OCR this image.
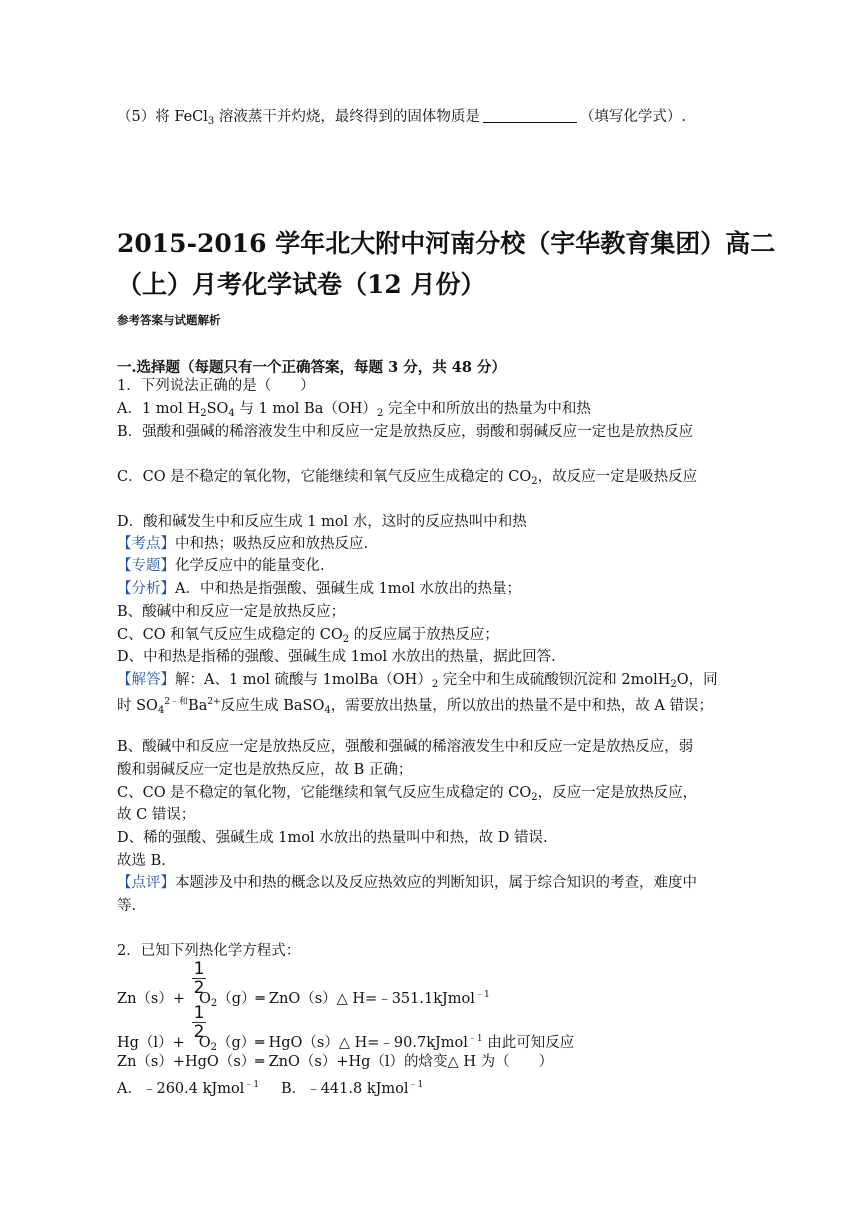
（5）将 FeCl$_3$ 溶液蒸干并灼烧，最终得到的固体物质是	（填写化学式）.
2015-2016 学年北大附中河南分校（宇华教育集团）高二
（上）月考化学试卷（12 月份）
参考答案与试题解析
一.选择题（每题只有一个正确答案，每题 3 分，共 48 分）
1．下列说法正确的是（　　）
A．1 mol $H_2SO_4$ 与 1 mol $Ba(OH)_2$ 完全中和所放出的热量为中和热
B．强酸和强碱的稀溶液发生中和反应一定是放热反应，弱酸和弱碱反应一定也是放热反应
C．CO 是不稳定的氧化物，它能继续和氧气反应生成稳定的 $CO_2$，故反应一定是吸热反应
D．酸和碱发生中和反应生成 1 mol 水，这时的反应热叫中和热
【考点】中和热；吸热反应和放热反应.
【专题】化学反应中的能量变化.
【分析】A．中和热是指强酸、强碱生成 1mol 水放出的热量；
B、酸碱中和反应一定是放热反应；
C、CO 和氧气反应生成稳定的 $CO_2$ 的反应属于放热反应；
D、中和热是指稀的强酸、强碱生成 1mol 水放出的热量，据此回答.
【解答】解：A、1 mol 硫酸与 $1molBa(OH)_2$ 完全中和生成硫酸钡沉淀和 2molH$_2$O，同
时 $SO_4^{2﹣和}Ba^{2+}$反应生成 BaSO$_4$，需要放出热量，所以放出的热量不是中和热，故 A 错误；
B、酸碱中和反应一定是放热反应，强酸和强碱的稀溶液发生中和反应一定是放热反应，弱
酸和弱碱反应一定也是放热反应，故 B 正确；
C、CO 是不稳定的氧化物，它能继续和氧气反应生成稳定的 $CO_2$，反应一定是放热反应，
故 C 错误；
D、稀的强酸、强碱生成 1mol 水放出的热量叫中和热，故 D 错误.
故选 B.
【点评】本题涉及中和热的概念以及反应热效应的判断知识，属于综合知识的考查，难度中
等.
2．已知下列热化学方程式：
1
2
$Zn(s)+ O_2(g)═$ ZnO（s）△ H=﹣351.1kJmol$^{﹣1}$
1
2
$Hg(l)+ O_2(g)═$ HgO（s）△ H=﹣90.7kJmol$^{﹣1}$ 由此可知反应
Zn（s）+HgO（s）═ ZnO（s）+Hg（l）的焓变△ H 为（　　）
A．﹣260.4 kJmol$^{﹣1}$ B．﹣441.8 kJmol$^{﹣1}$
